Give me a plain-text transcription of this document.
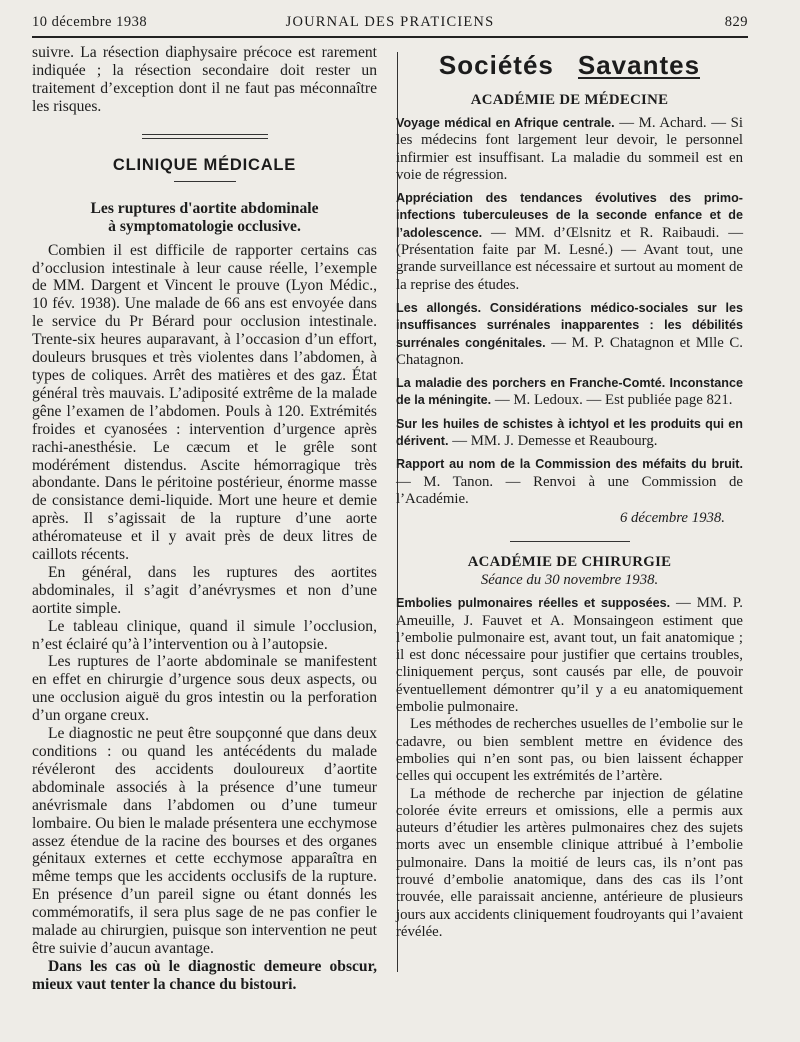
10 décembre 1938	JOURNAL DES PRATICIENS	829

suivre. La résection diaphysaire précoce est rarement indiquée ; la résection secondaire doit rester un traitement d’exception dont il ne faut pas méconnaître les risques.

CLINIQUE MÉDICALE
Les ruptures d'aortite abdominale
à symptomatologie occlusive.

Combien il est difficile de rapporter certains cas d’occlusion intestinale à leur cause réelle, l’exemple de MM. Dargent et Vincent le prouve (Lyon Médic., 10 fév. 1938). Une malade de 66 ans est envoyée dans le service du Pr Bérard pour occlusion intestinale. Trente-six heures auparavant, à l’occasion d’un effort, douleurs brusques et très violentes dans l’abdomen, à types de coliques. Arrêt des matières et des gaz. État général très mauvais. L’adiposité extrême de la malade gêne l’examen de l’abdomen. Pouls à 120. Extrémités froides et cyanosées : intervention d’urgence après rachi-anesthésie. Le cæcum et le grêle sont modérément distendus. Ascite hémorragique très abondante. Dans le péritoine postérieur, énorme masse de consistance demi-liquide. Mort une heure et demie après. Il s’agissait de la rupture d’une aorte athéromateuse et il y avait près de deux litres de caillots récents.

En général, dans les ruptures des aortites abdominales, il s’agit d’anévrysmes et non d’une aortite simple.

Le tableau clinique, quand il simule l’occlusion, n’est éclairé qu’à l’intervention ou à l’autopsie.

Les ruptures de l’aorte abdominale se manifestent en effet en chirurgie d’urgence sous deux aspects, ou une occlusion aiguë du gros intestin ou la perforation d’un organe creux.

Le diagnostic ne peut être soupçonné que dans deux conditions : ou quand les antécédents du malade révéleront des accidents douloureux d’aortite abdominale associés à la présence d’une tumeur anévrismale dans l’abdomen ou d’une tumeur lombaire. Ou bien le malade présentera une ecchymose assez étendue de la racine des bourses et des organes génitaux externes et cette ecchymose apparaîtra en même temps que les accidents occlusifs de la rupture. En présence d’un pareil signe ou étant donnés les commémoratifs, il sera plus sage de ne pas confier le malade au chirurgien, puisque son intervention ne peut être suivie d’aucun avantage.

Dans les cas où le diagnostic demeure obscur, mieux vaut tenter la chance du bistouri.

Sociétés Savantes
ACADÉMIE DE MÉDECINE

Voyage médical en Afrique centrale. — M. Achard. — Si les médecins font largement leur devoir, le personnel infirmier est insuffisant. La maladie du sommeil est en voie de régression.

Appréciation des tendances évolutives des primo-infections tuberculeuses de la seconde enfance et de l’adolescence. — MM. d’Œlsnitz et R. Raibaudi. — (Présentation faite par M. Lesné.) — Avant tout, une grande surveillance est nécessaire et surtout au moment de la reprise des études.

Les allongés. Considérations médico-sociales sur les insuffisances surrénales inapparentes : les débilités surrénales congénitales. — M. P. Chatagnon et Mlle C. Chatagnon.

La maladie des porchers en Franche-Comté. Inconstance de la méningite. — M. Ledoux. — Est publiée page 821.

Sur les huiles de schistes à ichtyol et les produits qui en dérivent. — MM. J. Demesse et Reaubourg.

Rapport au nom de la Commission des méfaits du bruit. — M. Tanon. — Renvoi à une Commission de l’Académie.

6 décembre 1938.
ACADÉMIE DE CHIRURGIE
Séance du 30 novembre 1938.

Embolies pulmonaires réelles et supposées. — MM. P. Ameuille, J. Fauvet et A. Monsaingeon estiment que l’embolie pulmonaire est, avant tout, un fait anatomique ; il est donc nécessaire pour justifier que certains troubles, cliniquement perçus, sont causés par elle, de pouvoir éventuellement démontrer qu’il y a eu anatomiquement embolie pulmonaire.

Les méthodes de recherches usuelles de l’embolie sur le cadavre, ou bien semblent mettre en évidence des embolies qui n’en sont pas, ou bien laissent échapper celles qui occupent les extrémités de l’artère.

La méthode de recherche par injection de gélatine colorée évite erreurs et omissions, elle a permis aux auteurs d’étudier les artères pulmonaires chez des sujets morts avec un ensemble clinique attribué à l’embolie pulmonaire. Dans la moitié de leurs cas, ils n’ont pas trouvé d’embolie anatomique, dans des cas ils l’ont trouvée, elle paraissait ancienne, antérieure de plusieurs jours aux accidents cliniquement foudroyants qui l’avaient révélée.
